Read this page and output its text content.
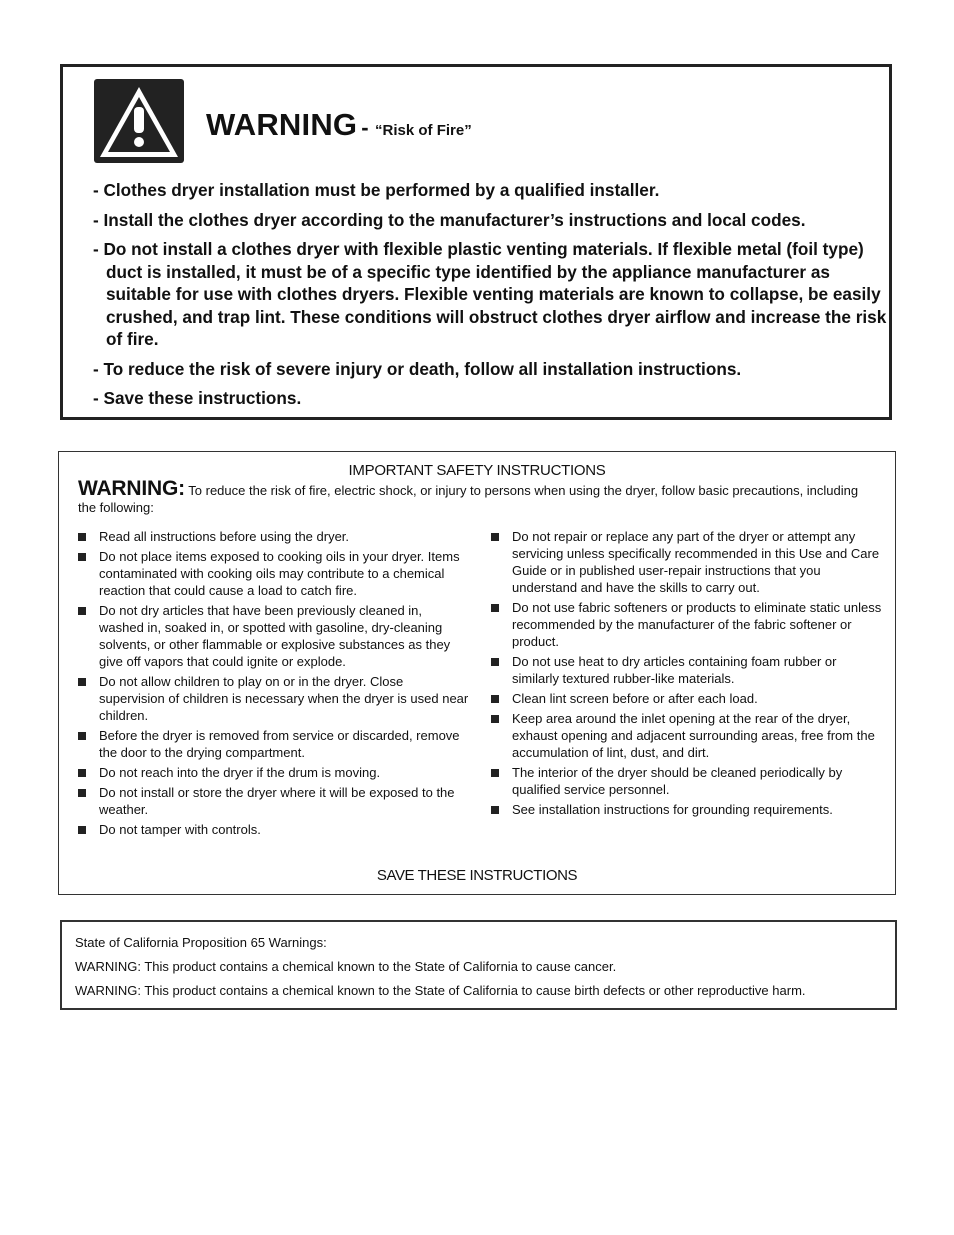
WARNING - “Risk of Fire”
- Clothes dryer installation must be performed by a qualified installer.
- Install the clothes dryer according to the manufacturer’s instructions and local codes.
- Do not install a clothes dryer with flexible plastic venting materials. If flexible metal (foil type) duct is installed, it must be of a specific type identified by the appliance manufacturer as suitable for use with clothes dryers. Flexible venting materials are known to collapse, be easily crushed, and trap lint. These conditions will obstruct clothes dryer airflow and increase the risk of fire.
- To reduce the risk of severe injury or death, follow all installation instructions.
- Save these instructions.
IMPORTANT SAFETY INSTRUCTIONS
WARNING: To reduce the risk of fire, electric shock, or injury to persons when using the dryer, follow basic precautions, including the following:
Read all instructions before using the dryer.
Do not place items exposed to cooking oils in your dryer. Items contaminated with cooking oils may contribute to a chemical reaction that could cause a load to catch fire.
Do not dry articles that have been previously cleaned in, washed in, soaked in, or spotted with gasoline, dry-cleaning solvents, or other flammable or explosive substances as they give off vapors that could ignite or explode.
Do not allow children to play on or in the dryer. Close supervision of children is necessary when the dryer is used near children.
Before the dryer is removed from service or discarded, remove the door to the drying compartment.
Do not reach into the dryer if the drum is moving.
Do not install or store the dryer where it will be exposed to the weather.
Do not tamper with controls.
Do not repair or replace any part of the dryer or attempt any servicing unless specifically recommended in this Use and Care Guide or in published user-repair instructions that you understand and have the skills to carry out.
Do not use fabric softeners or products to eliminate static unless recommended by the manufacturer of the fabric softener or product.
Do not use heat to dry articles containing foam rubber or similarly textured rubber-like materials.
Clean lint screen before or after each load.
Keep area around the inlet opening at the rear of the dryer, exhaust opening and adjacent surrounding areas, free from the accumulation of lint, dust, and dirt.
The interior of the dryer should be cleaned periodically by qualified service personnel.
See installation instructions for grounding requirements.
SAVE THESE INSTRUCTIONS
State of California Proposition 65 Warnings:
WARNING: This product contains a chemical known to the State of California to cause cancer.
WARNING: This product contains a chemical known to the State of California to cause birth defects or other reproductive harm.
